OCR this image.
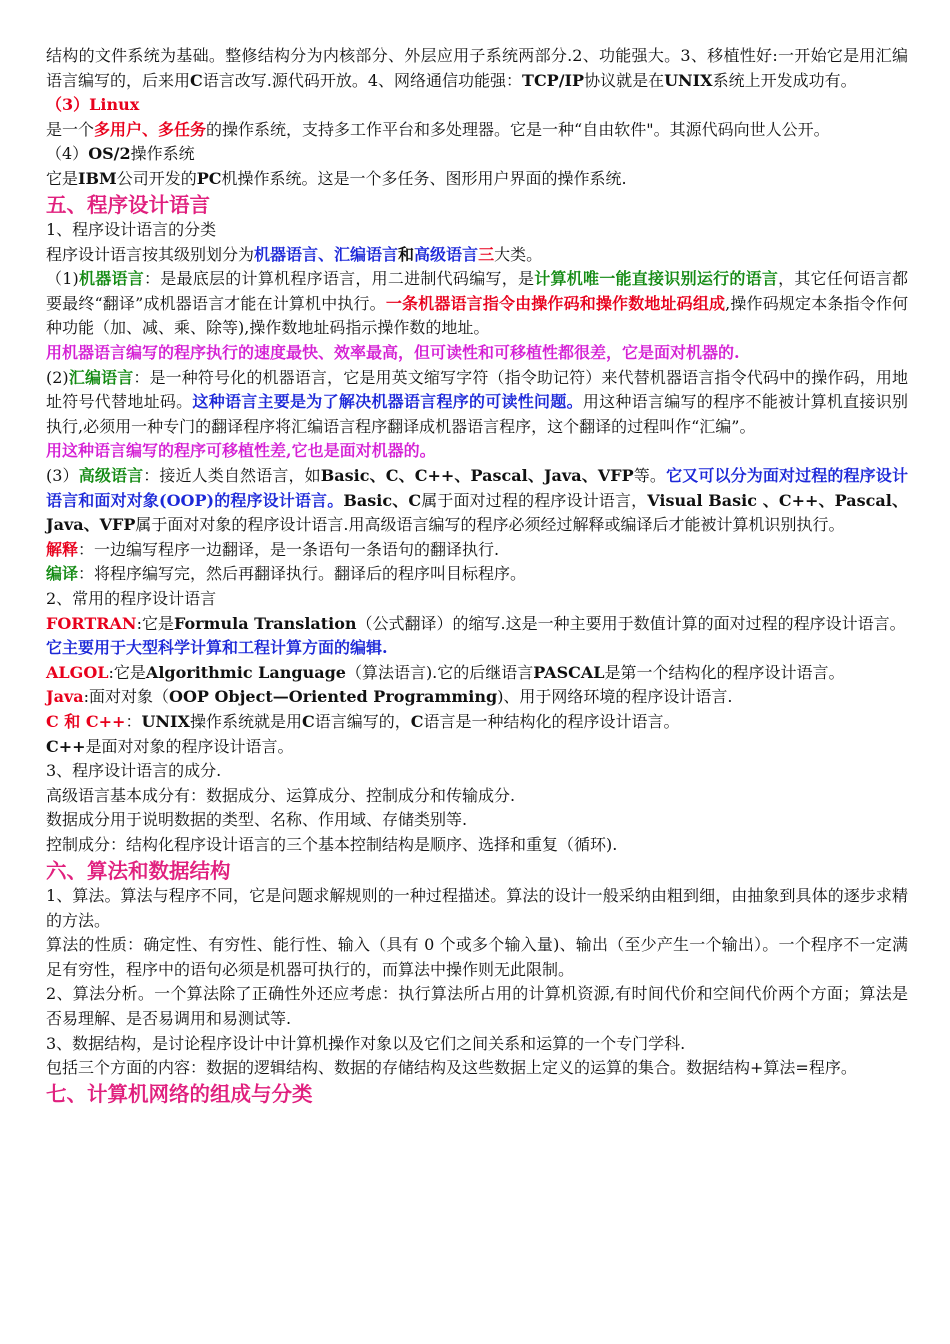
结构的文件系统为基础。整修结构分为内核部分、外层应用子系统两部分.2、功能强大。3、移植性好:一开始它是用汇编语言编写的，后来用C语言改写.源代码开放。4、网络通信功能强：TCP/IP协议就是在UNIX系统上开发成功有。

（3）Linux

是一个多用户、多任务的操作系统，支持多工作平台和多处理器。它是一种“自由软件"。其源代码向世人公开。

（4）OS/2操作系统

它是IBM公司开发的PC机操作系统。这是一个多任务、图形用户界面的操作系统.

五、程序设计语言

1、程序设计语言的分类

程序设计语言按其级别划分为机器语言、汇编语言和高级语言三大类。

（1)机器语言：是最底层的计算机程序语言，用二进制代码编写，是计算机唯一能直接识别运行的语言，其它任何语言都要最终“翻译”成机器语言才能在计算机中执行。一条机器语言指令由操作码和操作数地址码组成,操作码规定本条指令作何种功能（加、减、乘、除等),操作数地址码指示操作数的地址。

用机器语言编写的程序执行的速度最快、效率最高，但可读性和可移植性都很差，它是面对机器的.

(2)汇编语言：是一种符号化的机器语言，它是用英文缩写字符（指令助记符）来代替机器语言指令代码中的操作码，用地址符号代替地址码。这种语言主要是为了解决机器语言程序的可读性问题。用这种语言编写的程序不能被计算机直接识别执行,必须用一种专门的翻译程序将汇编语言程序翻译成机器语言程序，这个翻译的过程叫作“汇编”。

用这种语言编写的程序可移植性差,它也是面对机器的。

(3）高级语言：接近人类自然语言，如Basic、C、C++、Pascal、Java、VFP等。它又可以分为面对过程的程序设计语言和面对对象(OOP)的程序设计语言。Basic、C属于面对过程的程序设计语言，Visual Basic 、C++、Pascal、Java、VFP属于面对对象的程序设计语言.用高级语言编写的程序必须经过解释或编译后才能被计算机识别执行。

解释：一边编写程序一边翻译，是一条语句一条语句的翻译执行.

编译：将程序编写完，然后再翻译执行。翻译后的程序叫目标程序。

2、常用的程序设计语言

FORTRAN:它是Formula Translation（公式翻译）的缩写.这是一种主要用于数值计算的面对过程的程序设计语言。

它主要用于大型科学计算和工程计算方面的编辑.

ALGOL:它是Algorithmic Language（算法语言).它的后继语言PASCAL是第一个结构化的程序设计语言。

Java:面对对象（OOP Object—Oriented Programming)、用于网络环境的程序设计语言.

C 和 C++：UNIX操作系统就是用C语言编写的，C语言是一种结构化的程序设计语言。

C++是面对对象的程序设计语言。

3、程序设计语言的成分.

高级语言基本成分有：数据成分、运算成分、控制成分和传输成分.

数据成分用于说明数据的类型、名称、作用域、存储类别等.

控制成分：结构化程序设计语言的三个基本控制结构是顺序、选择和重复（循环).

六、算法和数据结构

1、算法。算法与程序不同，它是问题求解规则的一种过程描述。算法的设计一般采纳由粗到细，由抽象到具体的逐步求精的方法。

算法的性质：确定性、有穷性、能行性、输入（具有 0 个或多个输入量)、输出（至少产生一个输出）。一个程序不一定满足有穷性，程序中的语句必须是机器可执行的，而算法中操作则无此限制。

2、算法分析。一个算法除了正确性外还应考虑：执行算法所占用的计算机资源,有时间代价和空间代价两个方面；算法是否易理解、是否易调用和易测试等.

3、数据结构，是讨论程序设计中计算机操作对象以及它们之间关系和运算的一个专门学科.

包括三个方面的内容：数据的逻辑结构、数据的存储结构及这些数据上定义的运算的集合。数据结构+算法=程序。

七、计算机网络的组成与分类
